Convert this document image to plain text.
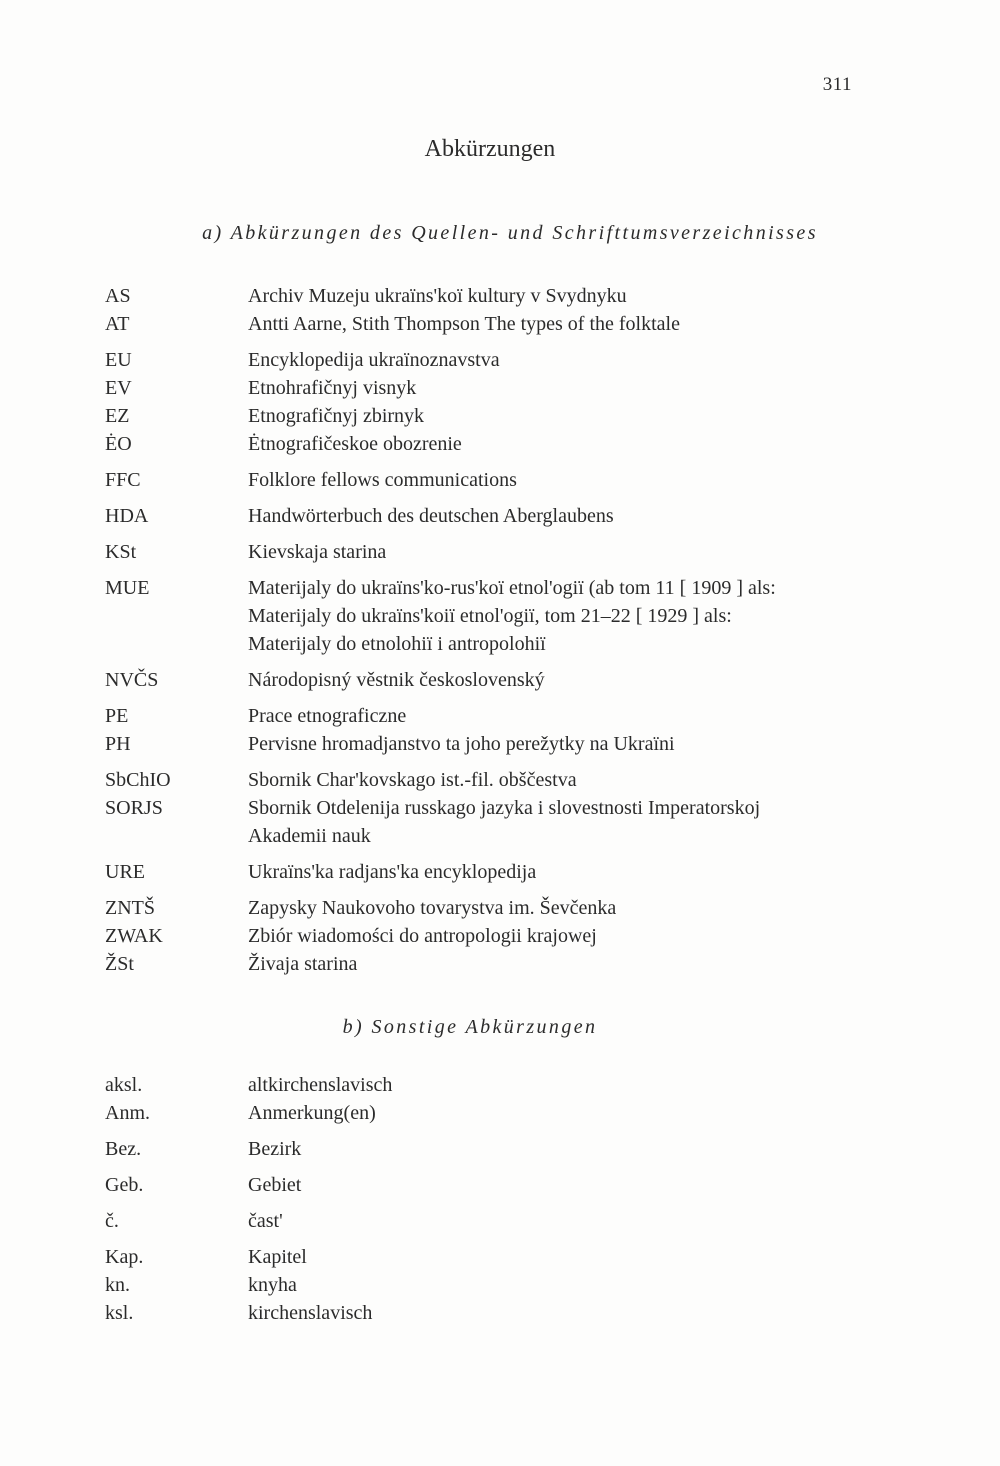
311
Abkürzungen
a) Abkürzungen des Quellen- und Schrifttumsverzeichnisses
AS	Archiv Muzeju ukraïns'koï kultury v Svydnyku
AT	Antti Aarne, Stith Thompson The types of the folktale
EU	Encyklopedija ukraïnoznavstva
EV	Etnohrafičnyj visnyk
EZ	Etnografičnyj zbirnyk
ĖO	Ėtnografičeskoe obozrenie
FFC	Folklore fellows communications
HDA	Handwörterbuch des deutschen Aberglaubens
KSt	Kievskaja starina
MUE	Materijaly do ukraïns'ko-rus'koï etnol'ogiï (ab tom 11 [ 1909 ] als:
Materijaly do ukraïns'koiï etnol'ogiï, tom 21–22 [ 1929 ] als:
Materijaly do etnolohiï i antropolohiï
NVČS	Národopisný věstnik československý
PE	Prace etnograficzne
PH	Pervisne hromadjanstvo ta joho perežytky na Ukraïni
SbChIO	Sbornik Char'kovskago ist.-fil. obščestva
SORJS	Sbornik Otdelenija russkago jazyka i slovestnosti Imperatorskoj
Akademii nauk
URE	Ukraïns'ka radjans'ka encyklopedija
ZNTŠ	Zapysky Naukovoho tovarystva im. Ševčenka
ZWAK	Zbiór wiadomości do antropologii krajowej
ŽSt	Živaja starina
b) Sonstige Abkürzungen
aksl.	altkirchenslavisch
Anm.	Anmerkung(en)
Bez.	Bezirk
Geb.	Gebiet
č.	čast'
Kap.	Kapitel
kn.	knyha
ksl.	kirchenslavisch
